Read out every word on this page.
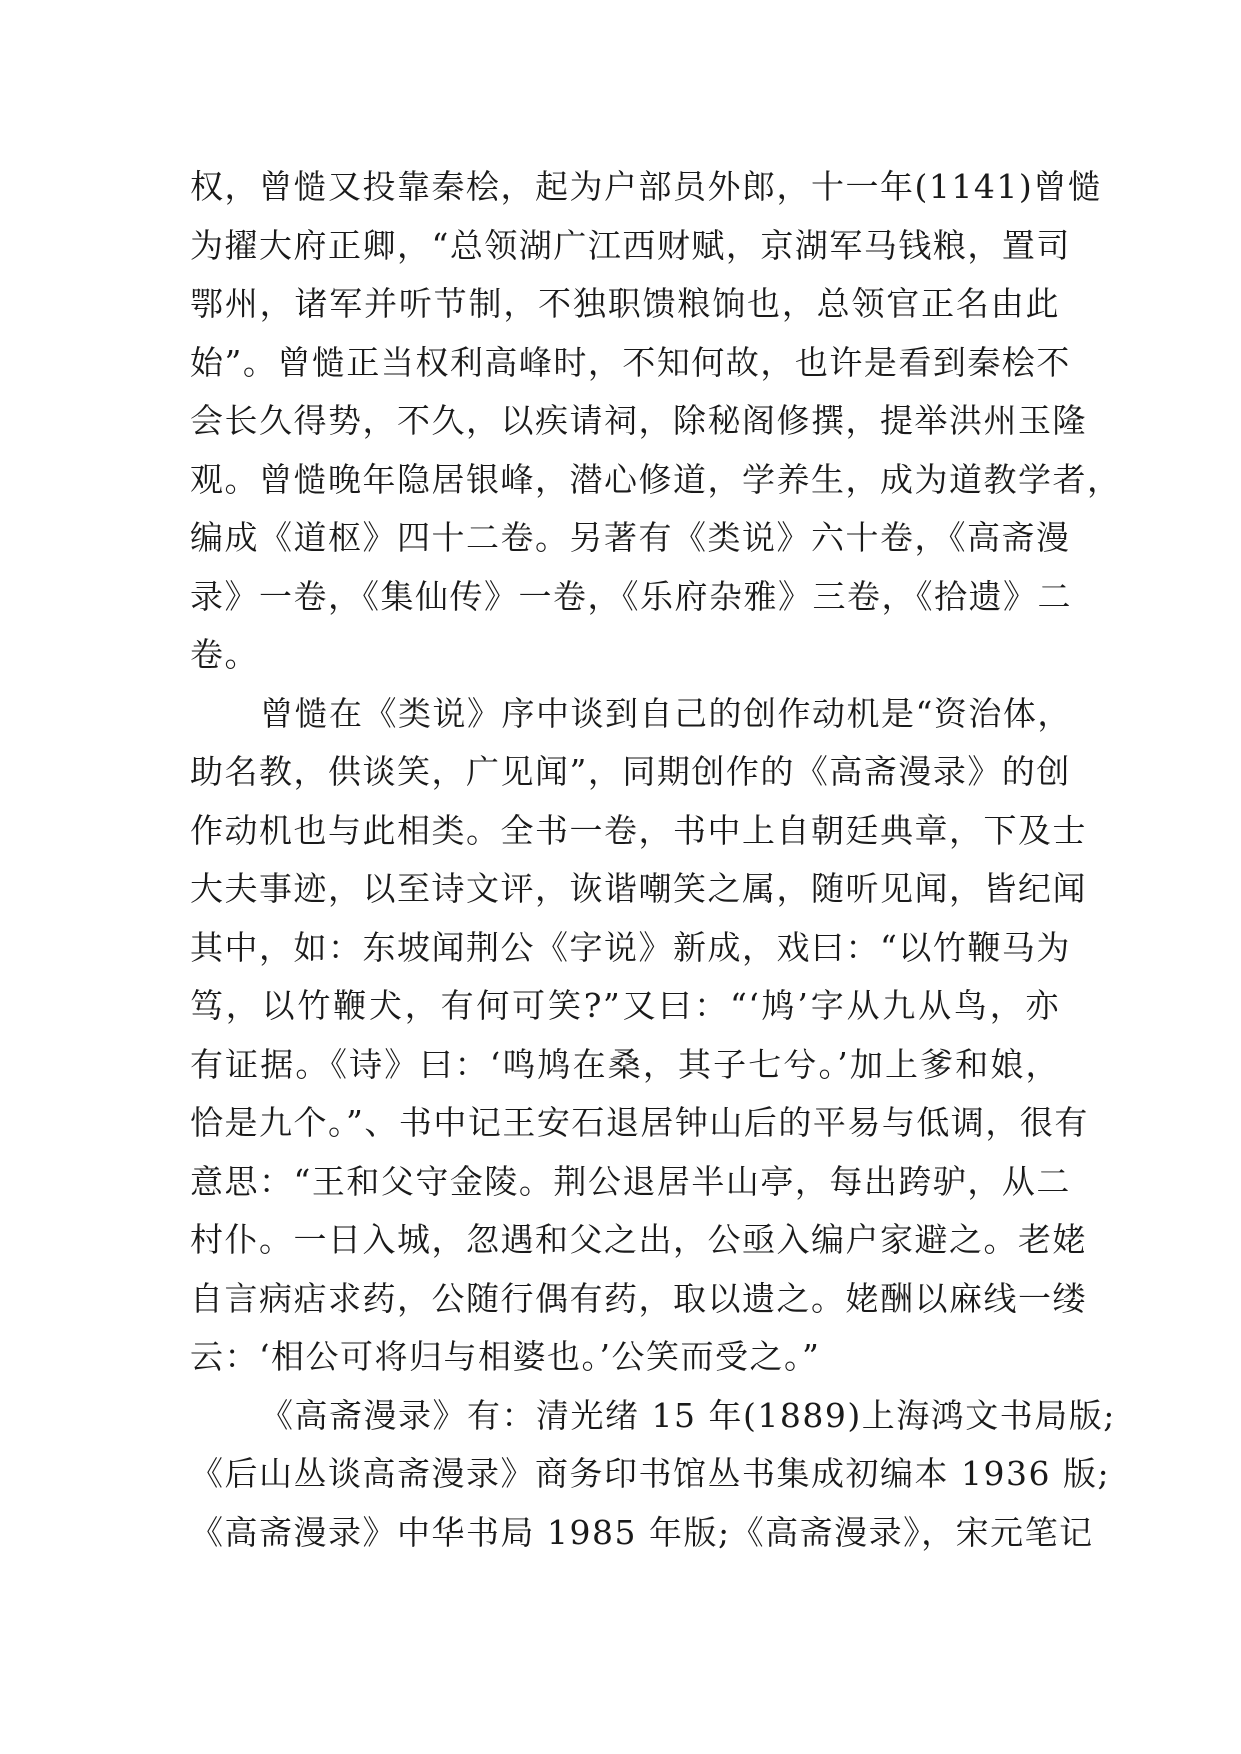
权，曾慥又投靠秦桧，起为户部员外郎，十一年(1141)曾慥
为擢大府正卿，“总领湖广江西财赋，京湖军马钱粮，置司
鄂州，诸军并听节制，不独职馈粮饷也，总领官正名由此
始”。曾慥正当权利高峰时，不知何故，也许是看到秦桧不
会长久得势，不久，以疾请祠，除秘阁修撰，提举洪州玉隆
观。曾慥晚年隐居银峰，潜心修道，学养生，成为道教学者，
编成《道枢》四十二卷。另著有《类说》六十卷，《高斋漫
录》一卷，《集仙传》一卷，《乐府杂雅》三卷，《拾遗》二
卷。
曾慥在《类说》序中谈到自己的创作动机是“资治体，
助名教，供谈笑，广见闻”，同期创作的《高斋漫录》的创
作动机也与此相类。全书一卷，书中上自朝廷典章，下及士
大夫事迹，以至诗文评，诙谐嘲笑之属，随听见闻，皆纪闻
其中，如：东坡闻荆公《字说》新成，戏曰：“以竹鞭马为
笃，以竹鞭犬，有何可笑?”又曰：“‘鸠’字从九从鸟，亦
有证据。《诗》曰：‘鸣鸠在桑，其子七兮。’加上爹和娘，
恰是九个。”、书中记王安石退居钟山后的平易与低调，很有
意思：“王和父守金陵。荆公退居半山亭，每出跨驴，从二
村仆。一日入城，忽遇和父之出，公亟入编户家避之。老姥
自言病痁求药，公随行偶有药，取以遗之。姥酬以麻线一缕
云：‘相公可将归与相婆也。’公笑而受之。”
《高斋漫录》有：清光绪 15 年(1889)上海鸿文书局版;
《后山丛谈高斋漫录》商务印书馆丛书集成初编本 1936 版;
《高斋漫录》中华书局 1985 年版;《高斋漫录》，宋元笔记
